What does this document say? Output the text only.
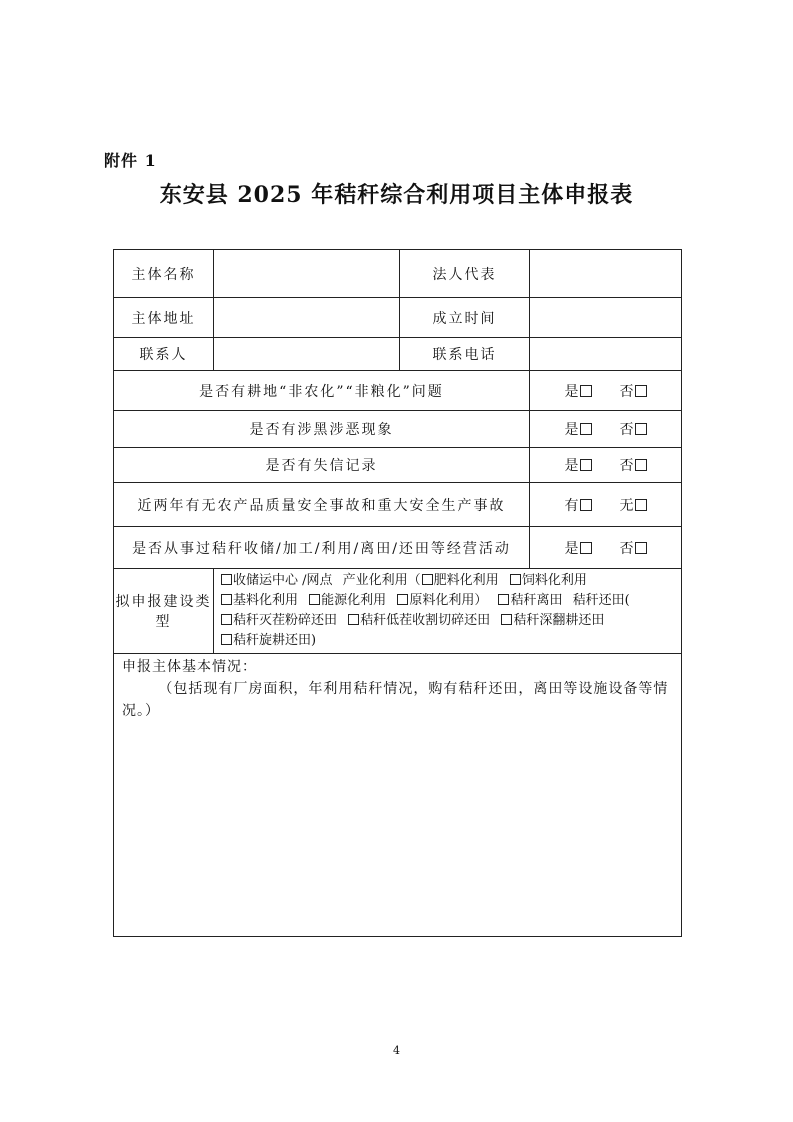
附件 1
东安县 2025 年秸秆综合利用项目主体申报表
主体名称		法人代表	
主体地址		成立时间	
联系人		联系电话	
是否有耕地“非农化”“非粮化”问题			是 否
是否有涉黑涉恶现象			是 否
是否有失信记录			是 否
近两年有无农产品质量安全事故和重大安全生产事故			有 无
是否从事过秸秆收储/加工/利用/离田/还田等经营活动			是 否
拟申报建设类型	收储运中心 /网点 产业化利用（ 肥料化利用 饲料化利用 基料化利用 能源化利用 原料化利用） 秸秆离田 秸秆还田(秸秆灭茬粉碎还田 秸秆低茬收割切碎还田 秸秆深翻耕还田 秸秆旋耕还田)		

申报主体基本情况：
（包括现有厂房面积，年利用秸秆情况，购有秸秆还田，离田等设施设备等情况。）			
4
